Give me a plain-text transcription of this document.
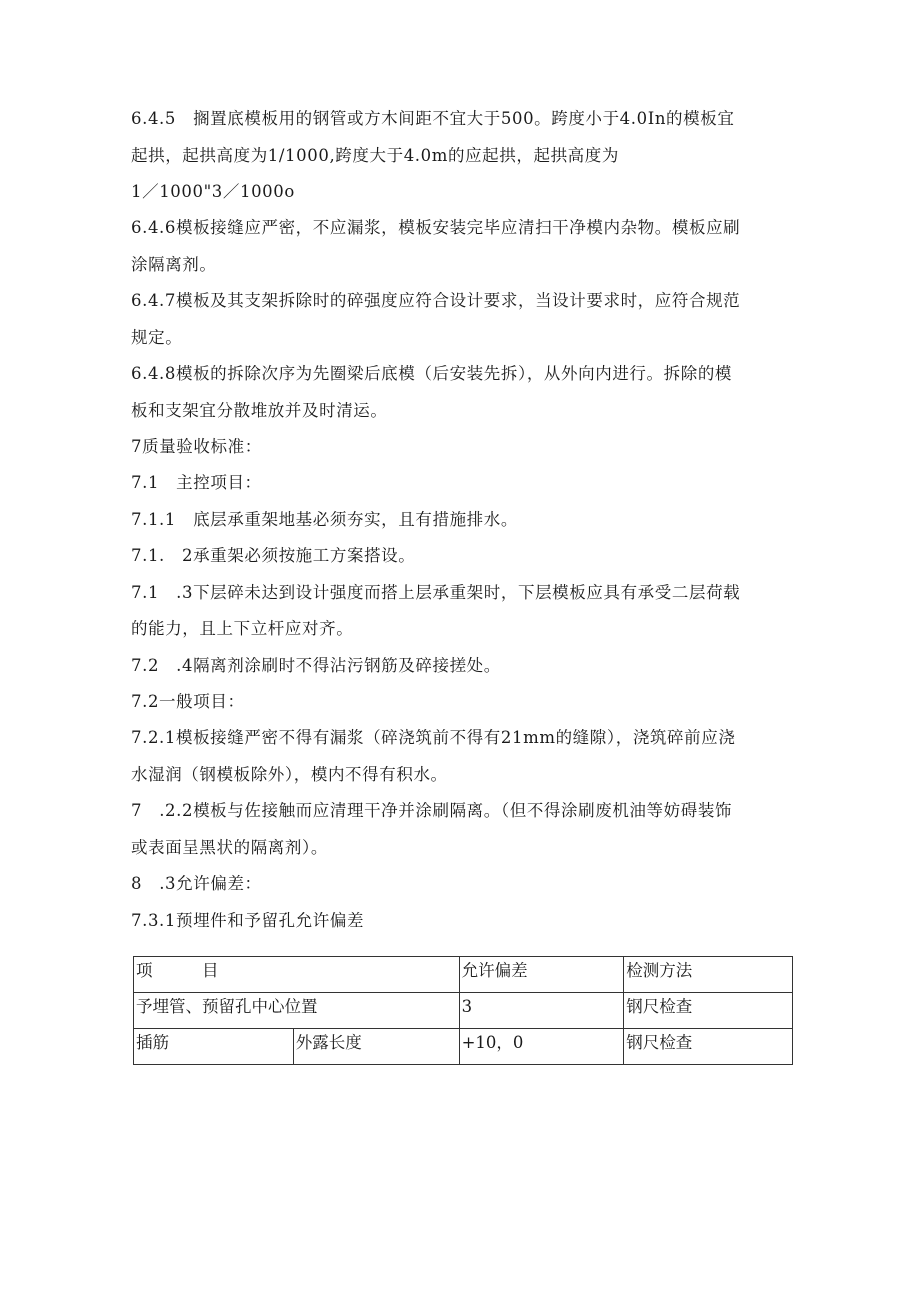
6.4.5　搁置底模板用的钢管或方木间距不宜大于500。跨度小于4.0In的模板宜
起拱，起拱高度为1/1000,跨度大于4.0m的应起拱，起拱高度为
1／1000"3／1000o
6.4.6模板接缝应严密，不应漏浆，模板安装完毕应清扫干净模内杂物。模板应刷
涂隔离剂。
6.4.7模板及其支架拆除时的碎强度应符合设计要求，当设计要求时，应符合规范
规定。
6.4.8模板的拆除次序为先圈梁后底模（后安装先拆），从外向内进行。拆除的模
板和支架宜分散堆放并及时清运。
7质量验收标准：
7.1　主控项目：
7.1.1　底层承重架地基必须夯实，且有措施排水。
7.1.　2承重架必须按施工方案搭设。
7.1　.3下层碎未达到设计强度而搭上层承重架时，下层模板应具有承受二层荷载
的能力，且上下立杆应对齐。
7.2　.4隔离剂涂刷时不得沾污钢筋及碎接搓处。
7.2一般项目：
7.2.1模板接缝严密不得有漏浆（碎浇筑前不得有21mm的缝隙），浇筑碎前应浇
水湿润（钢模板除外），模内不得有积水。
7　.2.2模板与佐接触而应清理干净并涂刷隔离。（但不得涂刷废机油等妨碍装饰
或表面呈黑状的隔离剂）。
8　.3允许偏差：
7.3.1预埋件和予留孔允许偏差
项　　　目		允许偏差	检测方法
予埋管、预留孔中心位置		3	钢尺检查
插筋	外露长度	+10，0	钢尺检查
